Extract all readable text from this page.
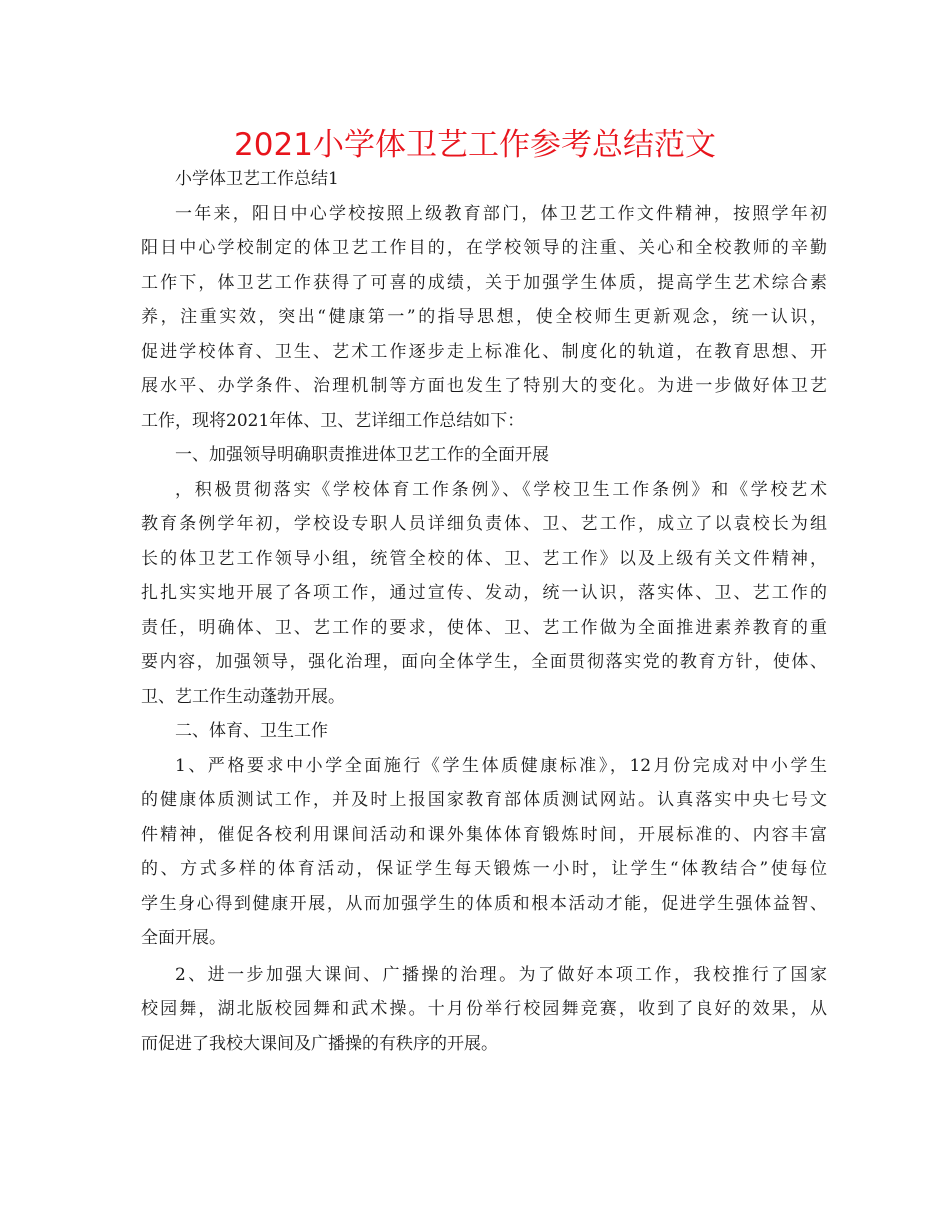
2021小学体卫艺工作参考总结范文
小学体卫艺工作总结1
一年来，阳日中心学校按照上级教育部门，体卫艺工作文件精神，按照学年初
阳日中心学校制定的体卫艺工作目的，在学校领导的注重、关心和全校教师的辛勤
工作下，体卫艺工作获得了可喜的成绩，关于加强学生体质，提高学生艺术综合素
养，注重实效，突出“健康第一”的指导思想，使全校师生更新观念，统一认识，
促进学校体育、卫生、艺术工作逐步走上标准化、制度化的轨道，在教育思想、开
展水平、办学条件、治理机制等方面也发生了特别大的变化。为进一步做好体卫艺
工作，现将2021年体、卫、艺详细工作总结如下：
一、加强领导明确职责推进体卫艺工作的全面开展
，积极贯彻落实《学校体育工作条例》、《学校卫生工作条例》和《学校艺术
教育条例学年初，学校设专职人员详细负责体、卫、艺工作，成立了以袁校长为组
长的体卫艺工作领导小组，统管全校的体、卫、艺工作》以及上级有关文件精神，
扎扎实实地开展了各项工作，通过宣传、发动，统一认识，落实体、卫、艺工作的
责任，明确体、卫、艺工作的要求，使体、卫、艺工作做为全面推进素养教育的重
要内容，加强领导，强化治理，面向全体学生，全面贯彻落实党的教育方针，使体、
卫、艺工作生动蓬勃开展。
二、体育、卫生工作
1、严格要求中小学全面施行《学生体质健康标准》，12月份完成对中小学生
的健康体质测试工作，并及时上报国家教育部体质测试网站。认真落实中央七号文
件精神，催促各校利用课间活动和课外集体体育锻炼时间，开展标准的、内容丰富
的、方式多样的体育活动，保证学生每天锻炼一小时，让学生“体教结合”使每位
学生身心得到健康开展，从而加强学生的体质和根本活动才能，促进学生强体益智、
全面开展。
2、进一步加强大课间、广播操的治理。为了做好本项工作，我校推行了国家
校园舞，湖北版校园舞和武术操。十月份举行校园舞竞赛，收到了良好的效果，从
而促进了我校大课间及广播操的有秩序的开展。
